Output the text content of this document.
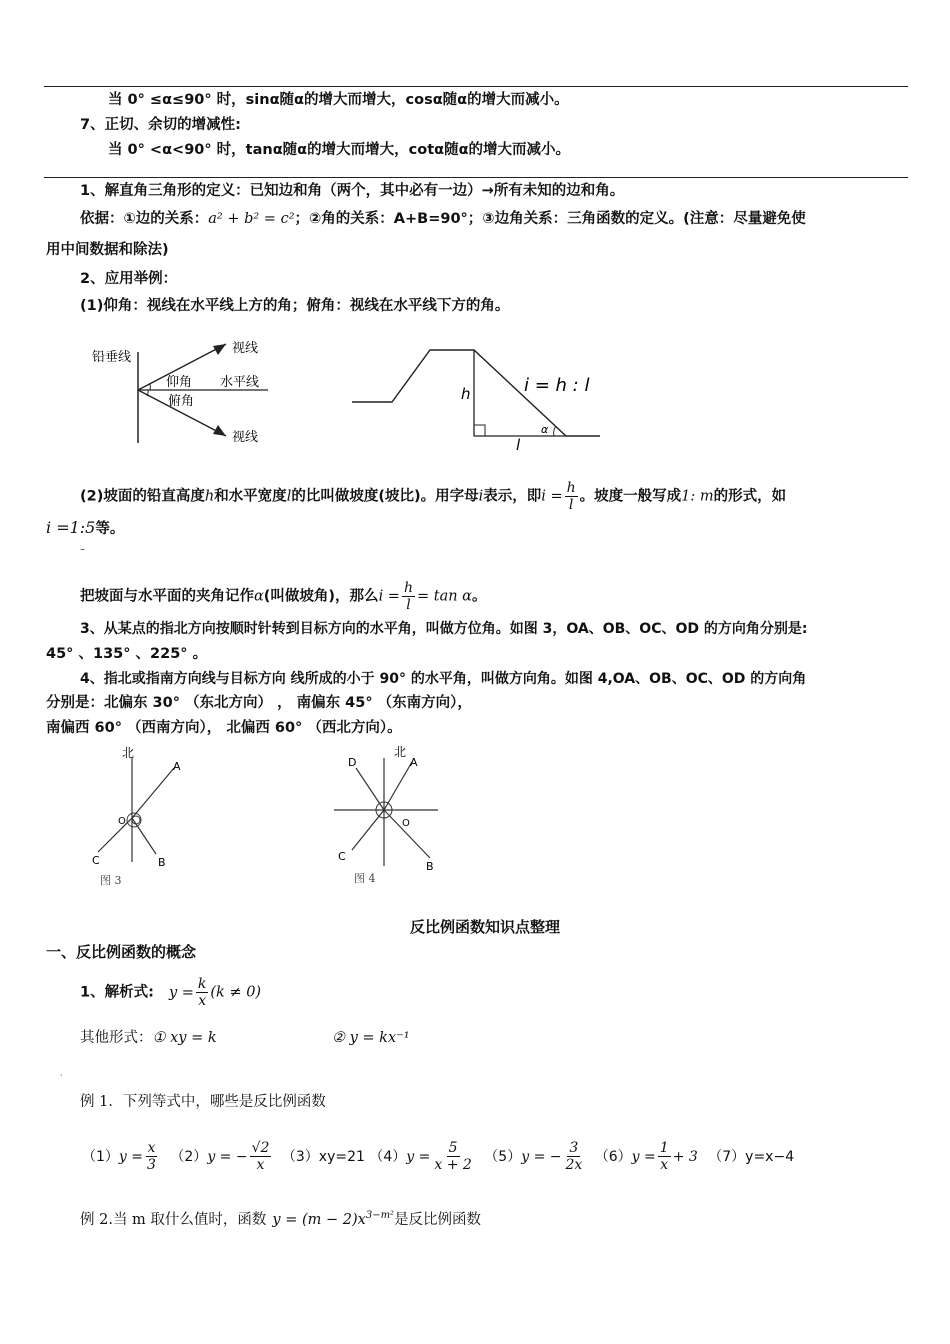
当 0° ≤α≤90° 时，sinα随α的增大而增大，cosα随α的增大而减小。
7、正切、余切的增减性:
当 0° <α<90° 时，tanα随α的增大而增大，cotα随α的增大而减小。
1、解直角三角形的定义：已知边和角（两个，其中必有一边）→所有未知的边和角。
依据：①边的关系：a² + b² = c²；②角的关系：A+B=90°；③边角关系：三角函数的定义。(注意：尽量避免使
用中间数据和除法)
2、应用举例：
(1)仰角：视线在水平线上方的角；俯角：视线在水平线下方的角。
铅垂线
视线
仰角 水平线
俯角
视线
h
l
α
i = h : l
(2)坡面的铅直高度h和水平宽度l的比叫做坡度(坡比)。用字母i表示，即$i = \frac{h}{l}$ 。坡度一般写成1: m的形式，如
i =1:5等。
–
把坡面与水平面的夹角记作α(叫做坡角)，那么$i = \frac{h}{l} = \tan \alpha$。
3、从某点的指北方向按顺时针转到目标方向的水平角，叫做方位角。如图 3，OA、OB、OC、OD 的方向角分别是:
45° 、135° 、225° 。
4、指北或指南方向线与目标方向 线所成的小于 90° 的水平角，叫做方向角。如图 4,OA、OB、OC、OD 的方向角
分别是：北偏东 30° （东北方向） ， 南偏东 45° （东南方向），
南偏西 60° （西南方向）， 北偏西 60° （西北方向）。
北
A
B
C
O
图 3
北
A
B
C
D
O
图 4
反比例函数知识点整理
一、反比例函数的概念
1、解析式: $y = \frac{k}{x} (k \ne 0)$
其他形式：① xy = k	② y = kx⁻¹
·
例 1．下列等式中，哪些是反比例函数
$(1)y = \frac{x}{3} (2)y$ = − $\frac{√2}{x} (3)xy=21$ $(4)y = \frac{5}{x + 2} (5)y$ = − $\frac{3}{2x} (6)y = \frac{1}{x} + 3$ （7）y=x−4
例 2.当 m 取什么值时，函数 $y = (m - 2)x^{3-m^2}$是反比例函数
